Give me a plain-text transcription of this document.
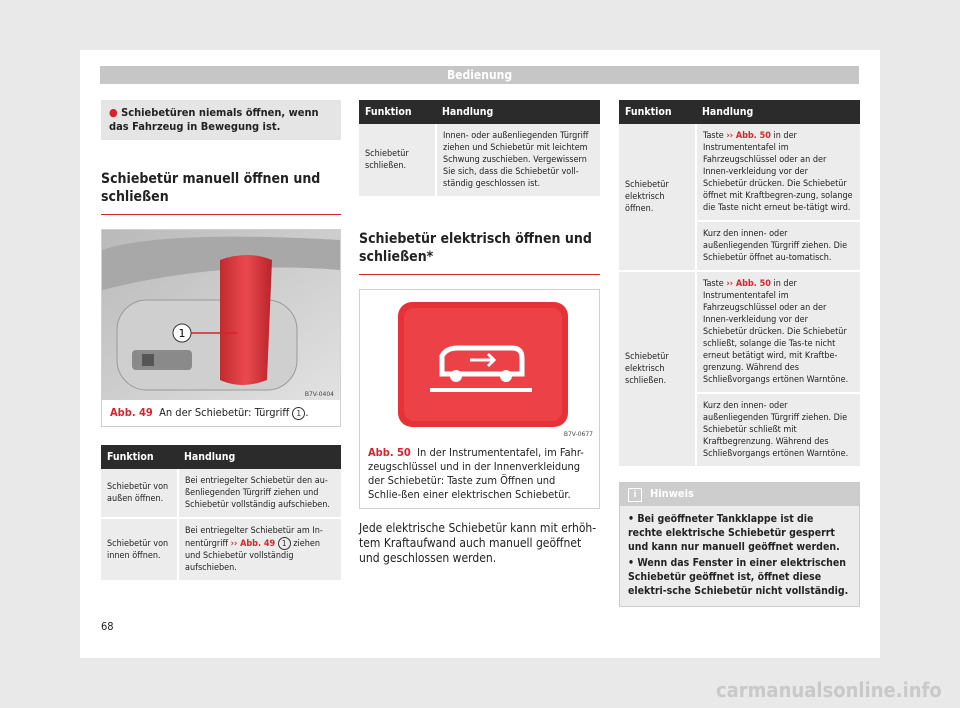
Bedienung
● Schiebetüren niemals öffnen, wenn das Fahrzeug in Bewegung ist.
Schiebetür manuell öffnen und schließen
1
B7V-0404
Abb. 49 An der Schiebetür: Türgriff 1 .
Funktion	Handlung
Schiebetür von außen öffnen.	Bei entriegelter Schiebetür den au-ßenliegenden Türgriff ziehen und Schiebetür vollständig aufschieben.
Schiebetür von innen öffnen.	Bei entriegelter Schiebetür am In-nentürgriff ›› Abb. 49 1 ziehen und Schiebetür vollständig aufschieben.
Funktion	Handlung
Schiebetür schließen.	Innen- oder außenliegenden Türgriff ziehen und Schiebetür mit leichtem Schwung zuschieben. Vergewissern Sie sich, dass die Schiebetür voll-ständig geschlossen ist.
Schiebetür elektrisch öffnen und schließen*
B7V-0677
Abb. 50 In der Instrumententafel, im Fahr-zeugschlüssel und in der Innenverkleidung der Schiebetür: Taste zum Öffnen und Schlie-ßen einer elektrischen Schiebetür.
Jede elektrische Schiebetür kann mit erhöh-tem Kraftaufwand auch manuell geöffnet und geschlossen werden.
Funktion	Handlung
Schiebetür elektrisch öffnen.	Taste ›› Abb. 50 in der Instrumententafel im Fahrzeugschlüssel oder an der Innen-verkleidung vor der Schiebetür drücken. Die Schiebetür öffnet mit Kraftbegren-zung, solange die Taste nicht erneut be-tätigt wird.
	Kurz den innen- oder außenliegenden Türgriff ziehen. Die Schiebetür öffnet au-tomatisch.
Schiebetür elektrisch schließen.	Taste ›› Abb. 50 in der Instrumententafel im Fahrzeugschlüssel oder an der Innen-verkleidung vor der Schiebetür drücken. Die Schiebetür schließt, solange die Tas-te nicht erneut betätigt wird, mit Kraftbe-grenzung. Während des Schließvorgangs ertönen Warntöne.
	Kurz den innen- oder außenliegenden Türgriff ziehen. Die Schiebetür schließt mit Kraftbegrenzung. Während des Schließvorgangs ertönen Warntöne.
i Hinweis
• Bei geöffneter Tankklappe ist die rechte elektrische Schiebetür gesperrt und kann nur manuell geöffnet werden.
• Wenn das Fenster in einer elektrischen Schiebetür geöffnet ist, öffnet diese elektri-sche Schiebetür nicht vollständig.
68
carmanualsonline.info
